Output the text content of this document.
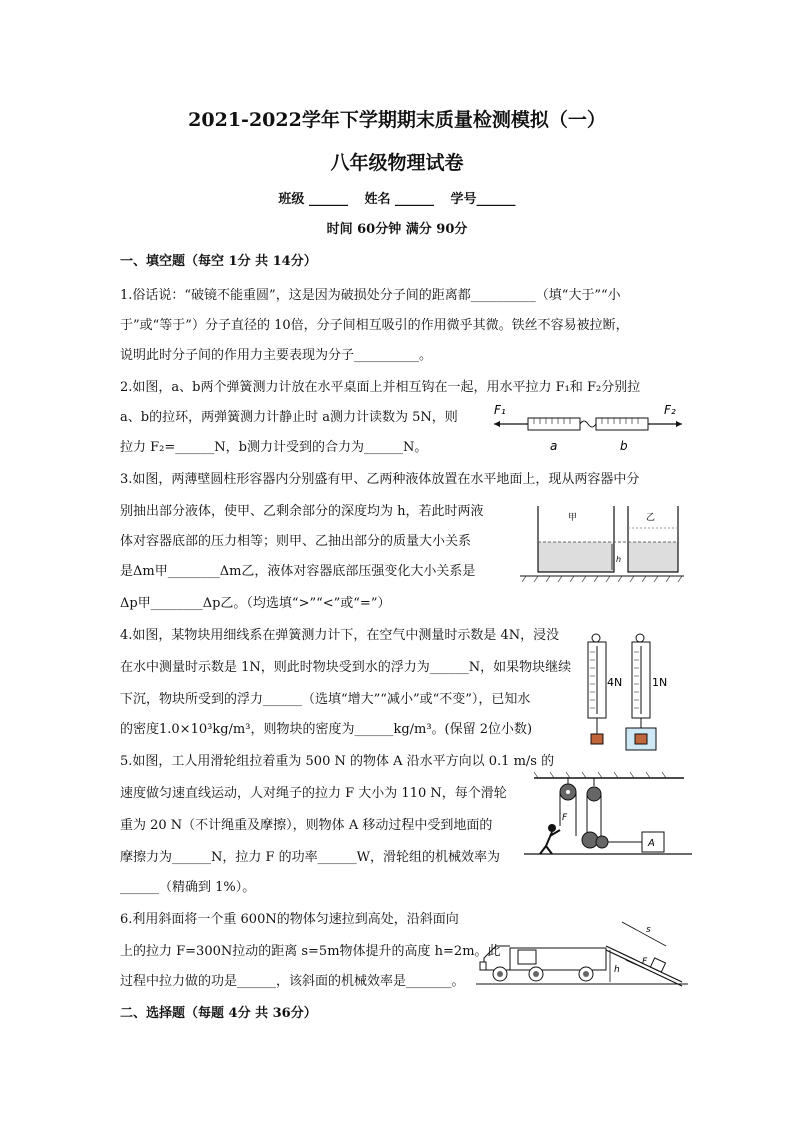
2021-2022学年下学期期末质量检测模拟（一）
八年级物理试卷
班级 ______ 姓名 ______ 学号______
时间 60分钟 满分 90分
一、填空题（每空 1分 共 14分）
1.俗话说：“破镜不能重圆”，这是因为破损处分子间的距离都__________（填“大于”“小
于”或“等于”）分子直径的 10倍，分子间相互吸引的作用微乎其微。铁丝不容易被拉断，
说明此时分子间的作用力主要表现为分子__________。
2.如图，a、b两个弹簧测力计放在水平桌面上并相互钩在一起，用水平拉力 F₁和 F₂分别拉
a、b的拉环，两弹簧测力计静止时 a测力计读数为 5N，则
拉力 F₂=______N，b测力计受到的合力为______N。
F₁	F₂
a	b
3.如图，两薄壁圆柱形容器内分别盛有甲、乙两种液体放置在水平地面上，现从两容器中分
别抽出部分液体，使甲、乙剩余部分的深度均为 h，若此时两液
体对容器底部的压力相等；则甲、乙抽出部分的质量大小关系
是Δm甲________Δm乙，液体对容器底部压强变化大小关系是
Δp甲________Δp乙。（均选填“>”“<”或“=”）
甲	乙
h
4.如图，某物块用细线系在弹簧测力计下，在空气中测量时示数是 4N，浸没
在水中测量时示数是 1N，则此时物块受到水的浮力为______N，如果物块继续
下沉，物块所受到的浮力______（选填“增大”“减小”或“不变”），已知水
的密度1.0×10³kg/m³，则物块的密度为______kg/m³。(保留 2位小数)
4N	1N
5.如图，工人用滑轮组拉着重为 500 N 的物体 A 沿水平方向以 0.1 m/s 的
速度做匀速直线运动，人对绳子的拉力 F 大小为 110 N，每个滑轮
重为 20 N（不计绳重及摩擦），则物体 A 移动过程中受到地面的
摩擦力为______N，拉力 F 的功率______W，滑轮组的机械效率为
______（精确到 1%）。
A
F
6.利用斜面将一个重 600N的物体匀速拉到高处，沿斜面向
上的拉力 F=300N拉动的距离 s=5m物体提升的高度 h=2m。此
过程中拉力做的功是______，该斜面的机械效率是_______。
s
h
F
二、选择题（每题 4分 共 36分）
